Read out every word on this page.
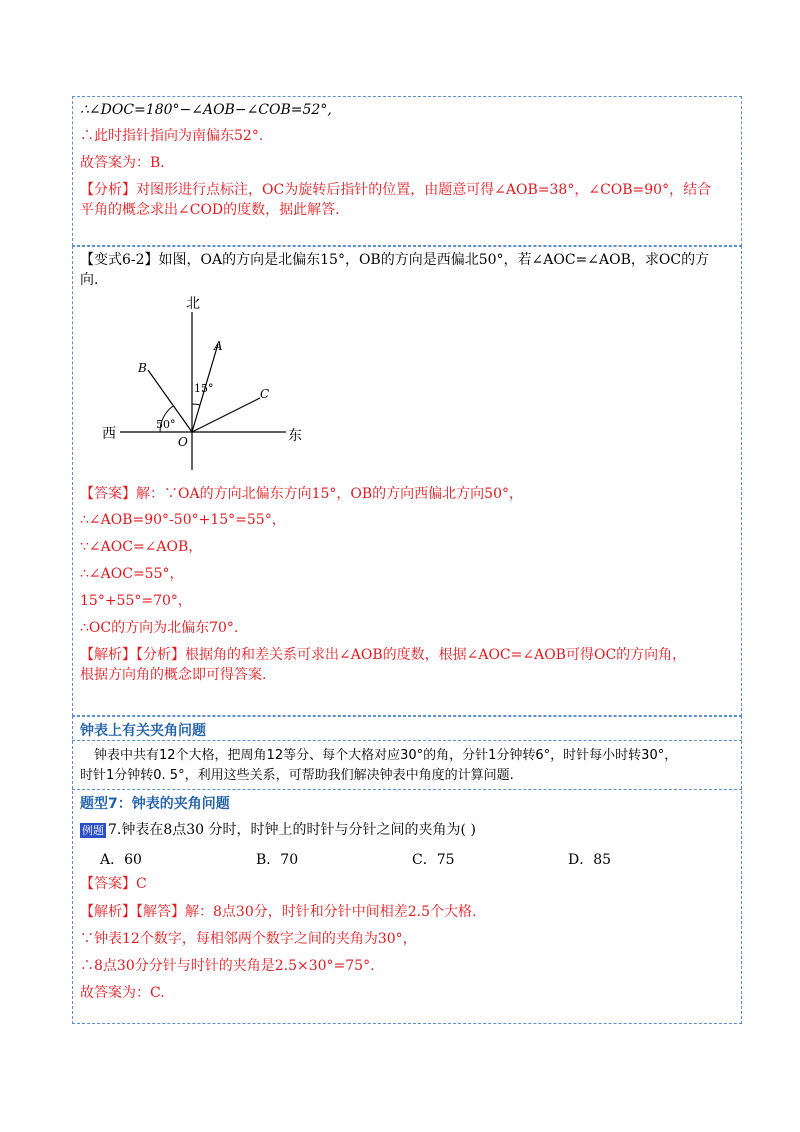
∴∠DOC=180°−∠AOB−∠COB=52°,
∴此时指针指向为南偏东52°.
故答案为：B.
【分析】对图形进行点标注，OC为旋转后指针的位置，由题意可得∠AOB=38°，∠COB=90°，结合
平角的概念求出∠COD的度数，据此解答.
【变式6-2】如图，OA的方向是北偏东15°，OB的方向是西偏北50°，若∠AOC=∠AOB，求OC的方
向.
北
西	东
A
B
C
O
15°
50°
【答案】解：∵OA的方向北偏东方向15°，OB的方向西偏北方向50°，
∴∠AOB=90°-50°+15°=55°，
∵∠AOC=∠AOB，
∴∠AOC=55°，
15°+55°=70°，
∴OC的方向为北偏东70°.
【解析】【分析】根据角的和差关系可求出∠AOB的度数，根据∠AOC=∠AOB可得OC的方向角，
根据方向角的概念即可得答案.
钟表上有关夹角问题
钟表中共有12个大格，把周角12等分、每个大格对应30°的角，分针1分钟转6°，时针每小时转30°，
时针1分钟转0. 5°，利用这些关系，可帮助我们解决钟表中角度的计算问题.
题型7：钟表的夹角问题
例题 7.钟表在8点30 分时，时钟上的时针与分针之间的夹角为( )
A．60	B．70	C．75	D．85
【答案】C
【解析】【解答】解：8点30分，时针和分针中间相差2.5个大格.
∵钟表12个数字，每相邻两个数字之间的夹角为30°，
∴8点30分分针与时针的夹角是2.5×30°=75°.
故答案为：C.
